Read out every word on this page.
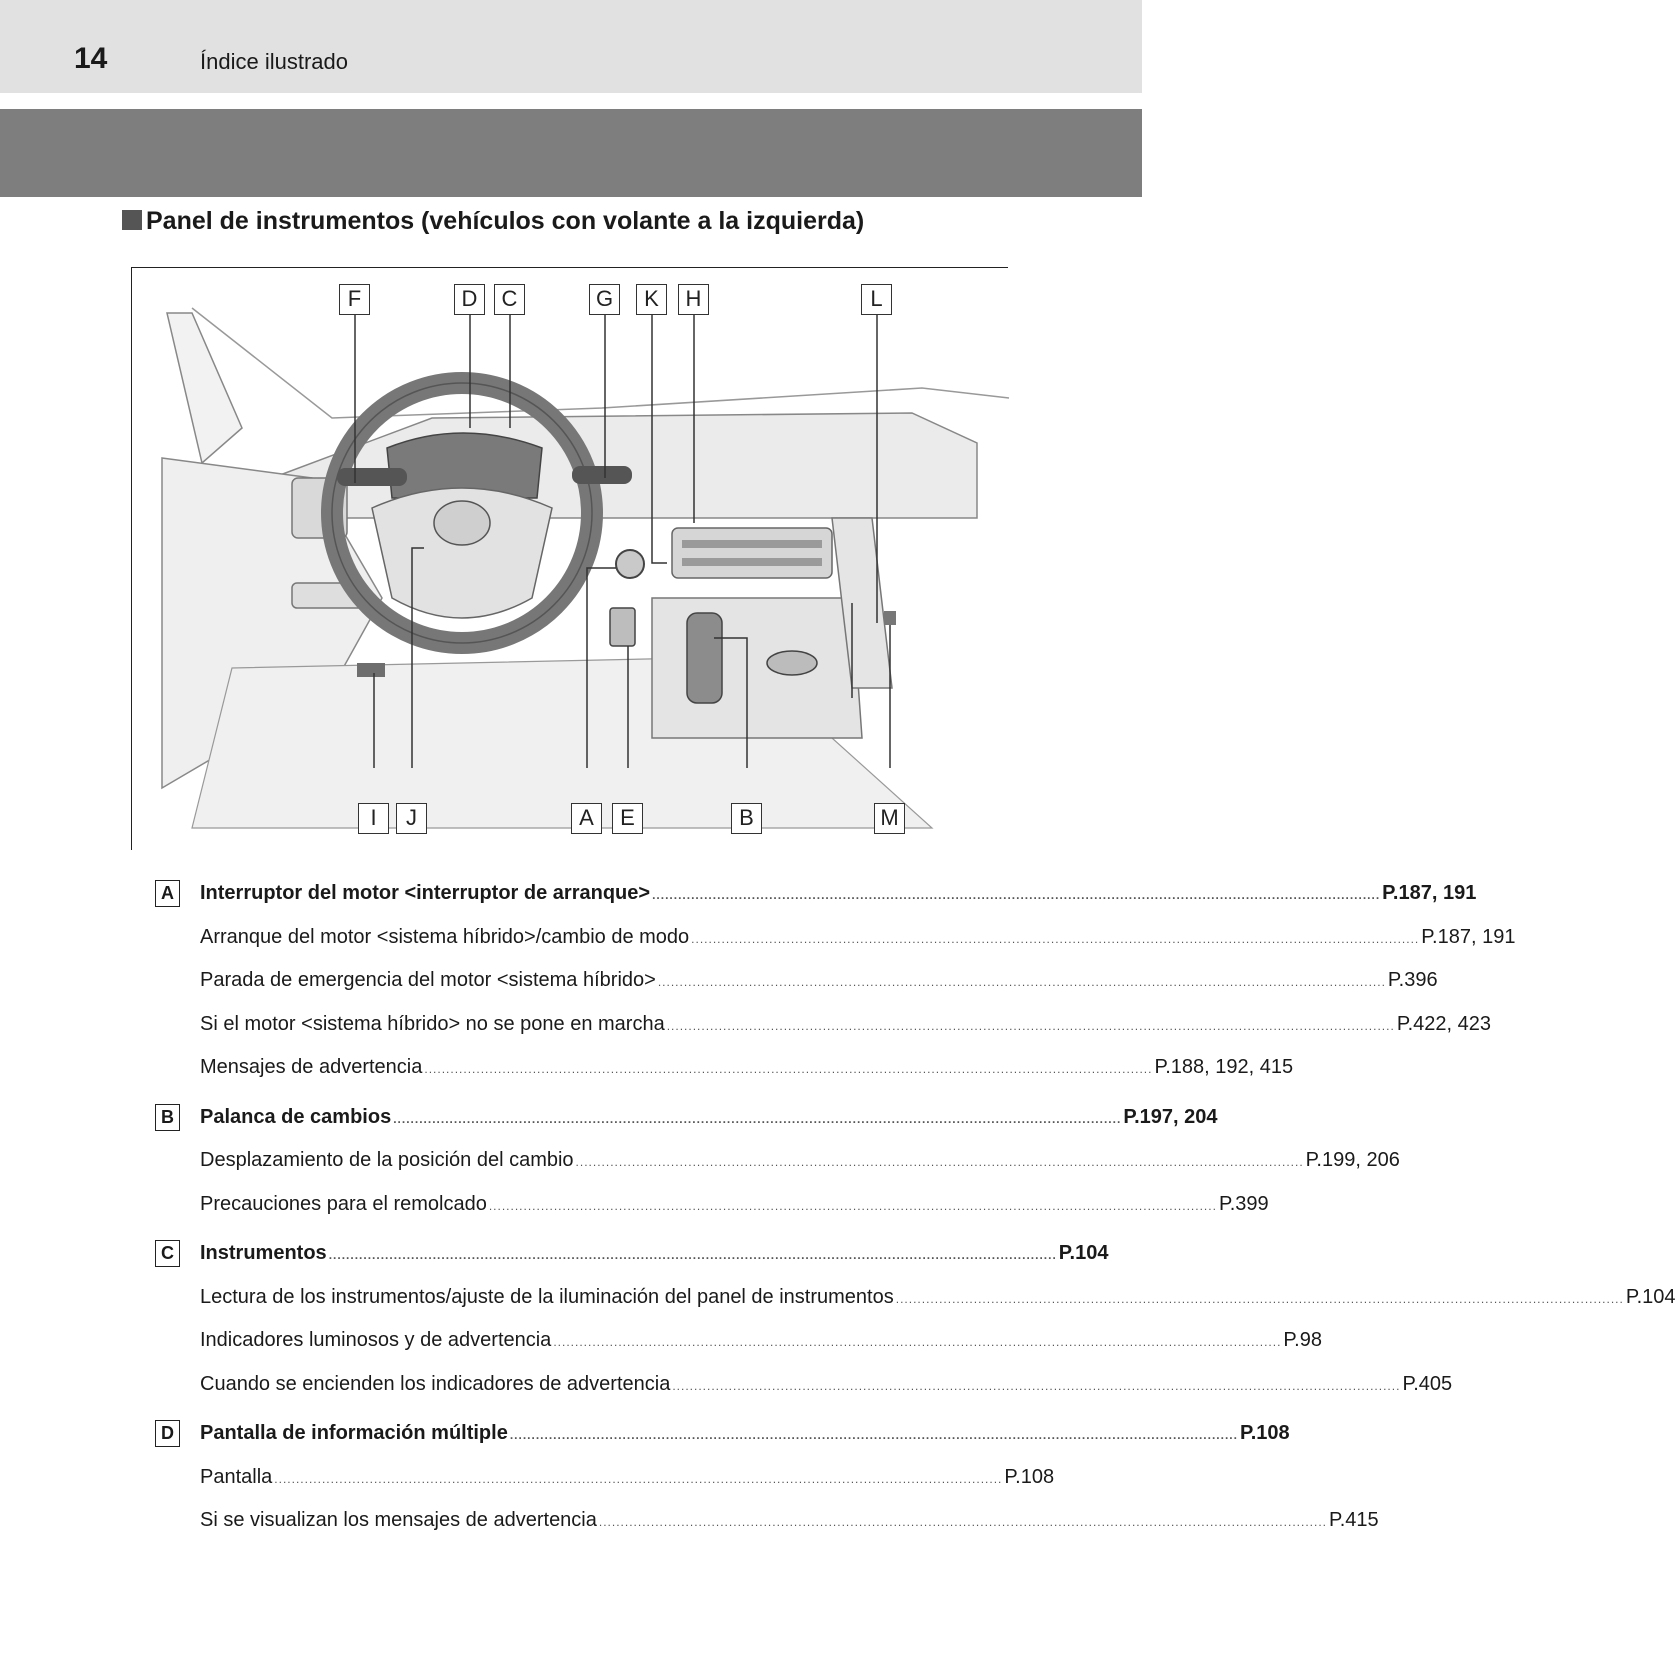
14	Índice ilustrado
Panel de instrumentos (vehículos con volante a la izquierda)
F	D	C	G	K	H	L
I	J	A	E	B	M
A	Interruptor del motor <interruptor de arranque> ........................................................................................................................................................................ P.187, 191
Arranque del motor <sistema híbrido>/cambio de modo ........................................................................................................................................................................ P.187, 191
Parada de emergencia del motor <sistema híbrido> ........................................................................................................................................................................ P.396
Si el motor <sistema híbrido> no se pone en marcha ........................................................................................................................................................................ P.422, 423
Mensajes de advertencia ........................................................................................................................................................................ P.188, 192, 415
B	Palanca de cambios ........................................................................................................................................................................ P.197, 204
Desplazamiento de la posición del cambio ........................................................................................................................................................................ P.199, 206
Precauciones para el remolcado ........................................................................................................................................................................ P.399
C	Instrumentos ........................................................................................................................................................................ P.104
Lectura de los instrumentos/ajuste de la iluminación del panel de instrumentos ........................................................................................................................................................................ P.104
Indicadores luminosos y de advertencia ........................................................................................................................................................................ P.98
Cuando se encienden los indicadores de advertencia ........................................................................................................................................................................ P.405
D	Pantalla de información múltiple ........................................................................................................................................................................ P.108
Pantalla ........................................................................................................................................................................ P.108
Si se visualizan los mensajes de advertencia ........................................................................................................................................................................ P.415
